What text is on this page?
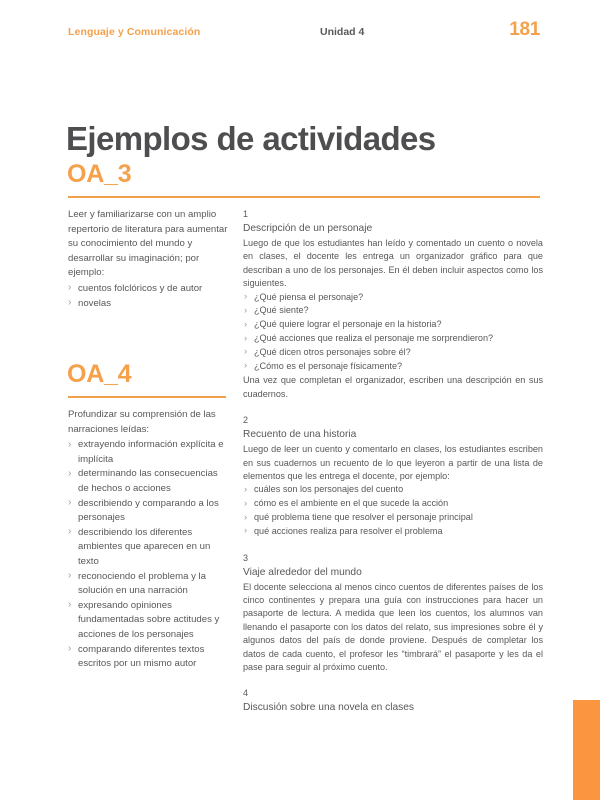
Lenguaje y Comunicación	Unidad 4	181
Ejemplos de actividades
OA_3

Leer y familiarizarse con un amplio repertorio de literatura para aumentar su conocimiento del mundo y desarrollar su imaginación; por ejemplo:

› cuentos folclóricos y de autor
› novelas
OA_4

Profundizar su comprensión de las narraciones leídas:

› extrayendo información explícita e implícita
› determinando las consecuencias de hechos o acciones
› describiendo y comparando a los personajes
› describiendo los diferentes ambientes que aparecen en un texto
› reconociendo el problema y la solución en una narración
› expresando opiniones fundamentadas sobre actitudes y acciones de los personajes
› comparando diferentes textos escritos por un mismo autor

1

Descripción de un personaje

Luego de que los estudiantes han leído y comentado un cuento o novela en clases, el docente les entrega un organizador gráfico para que describan a uno de los personajes. En él deben incluir aspectos como los siguientes.

› ¿Qué piensa el personaje?
› ¿Qué siente?
› ¿Qué quiere lograr el personaje en la historia?
› ¿Qué acciones que realiza el personaje me sorprendieron?
› ¿Qué dicen otros personajes sobre él?
› ¿Cómo es el personaje físicamente?

Una vez que completan el organizador, escriben una descripción en sus cuadernos.

2

Recuento de una historia

Luego de leer un cuento y comentarlo en clases, los estudiantes escriben en sus cuadernos un recuento de lo que leyeron a partir de una lista de elementos que les entrega el docente, por ejemplo:

› cuáles son los personajes del cuento
› cómo es el ambiente en el que sucede la acción
› qué problema tiene que resolver el personaje principal
› qué acciones realiza para resolver el problema

3

Viaje alrededor del mundo

El docente selecciona al menos cinco cuentos de diferentes países de los cinco continentes y prepara una guía con instrucciones para hacer un pasaporte de lectura. A medida que leen los cuentos, los alumnos van llenando el pasaporte con los datos del relato, sus impresiones sobre él y algunos datos del país de donde proviene. Después de completar los datos de cada cuento, el profesor les “timbrará” el pasaporte y les da el pase para seguir al próximo cuento.

4

Discusión sobre una novela en clases
